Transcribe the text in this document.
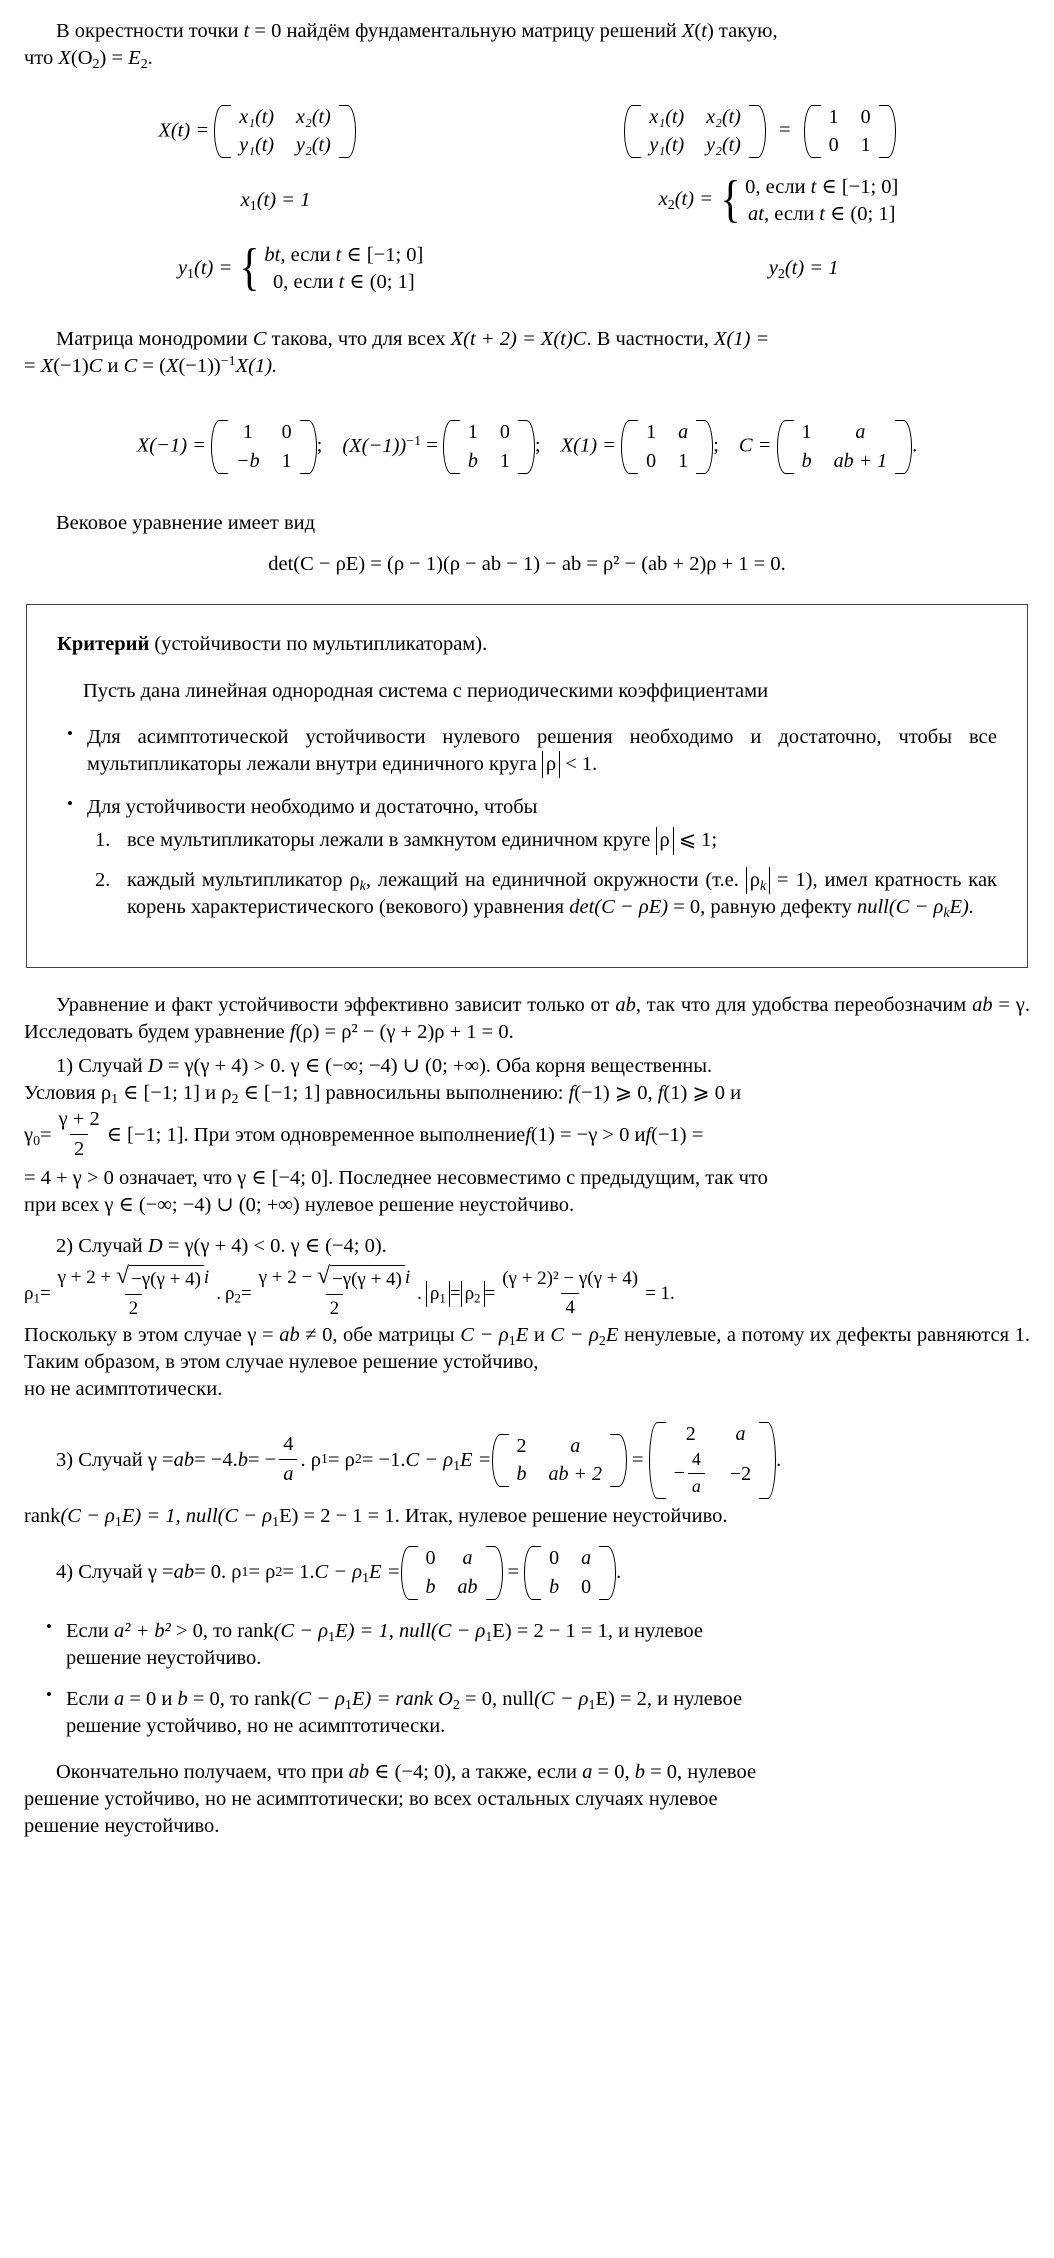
В окрестности точки t = 0 найдём фундаментальную матрицу решений X(t) такую,
что $X(O_2) = E_2$.
X(t) =
x₁(t)	x₂(t)
y₁(t)	y₂(t)
x₁(t)	x₂(t)
y₁(t)	y₂(t)
=
1	0
0	1
$x_1(t) = 1$	$x_2(t)$ = { 0, если t ∈ [−1; 0]
at, если t ∈ (0; 1]
$y_1(t)$ = { bt, если t ∈ [−1; 0]
0, если t ∈ (0; 1]
$y_2(t) = 1$
Матрица монодромии C такова, что для всех X(t + 2) = X(t)C. В частности, X(1) =
= X(−1)C и $C = (X(-1))^{-1}X(1)$.
X(−1) =
1	0
−b	1
; $(X(-1))^{-1}$ =
1	0
b	1
; X(1) =
1	a
0	1
; C =
1	a
b	ab + 1
.
Вековое уравнение имеет вид
det(C − ρE) = (ρ − 1)(ρ − ab − 1) − ab = ρ² − (ab + 2)ρ + 1 = 0.
Критерий (устойчивости по мультипликаторам).
Пусть дана линейная однородная система с периодическими коэффициентами
• Для асимптотической устойчивости нулевого решения необходимо и достаточно, чтобы все мультипликаторы лежали внутри единичного круга ρ < 1.
• Для устойчивости необходимо и достаточно, чтобы
1. все мультипликаторы лежали в замкнутом единичном круге ρ ⩽ 1;
2. каждый мультипликатор $\rho_k$, лежащий на единичной окружности (т.е. $\rho_k = 1$), имел кратность как корень характеристического (векового) уравнения det(C − ρE) = 0, равную дефекту null(C − $\rho_kE$).
Уравнение и факт устойчивости эффективно зависит только от ab, так что для удобства переобозначим ab = γ. Исследовать будем уравнение f(ρ) = ρ² − (γ + 2)ρ + 1 = 0.
1) Случай D = γ(γ + 4) > 0. γ ∈ (−∞; −4) ∪ (0; +∞). Оба корня вещественны.
Условия $\rho_1$ ∈ [−1; 1] и $\rho_2$ ∈ [−1; 1] равносильны выполнению: f(−1) ⩾ 0, f(1) ⩾ 0 и
$\gamma_0 = \frac{\gamma + 2}{2}$ ∈ [−1; 1]. При этом одновременное выполнение f (1) = −γ > 0 и f (−1) =
= 4 + γ > 0 означает, что γ ∈ [−4; 0]. Последнее несовместимо с предыдущим, так что
при всех γ ∈ (−∞; −4) ∪ (0; +∞) нулевое решение неустойчиво.
2) Случай D = γ(γ + 4) < 0. γ ∈ (−4; 0).
$\rho_1 = \frac{\gamma + 2 + √ -\gamma(\gamma + 4) i}{2}$ . $\rho_2 = \frac{\gamma + 2 - √ -\gamma(\gamma + 4) i}{2}$ . $\rho_1 = \rho_2 = \frac{\text{(γ + 2)² − γ(γ + 4)}}{4} = 1$.
Поскольку в этом случае γ = ab ≠ 0, обе матрицы $C - \rho_1E$ и $C - \rho_2E$ ненулевые, а потому их дефекты равняются 1. Таким образом, в этом случае нулевое решение устойчиво,
но не асимптотически.
3) Случай γ = ab = −4. b = − $\frac{4}{a}$ . ρ 1 = ρ 2 = −1. $C - \rho_1E$ =
2	a
b	ab + 2
=
2	a
− $\frac{4}{a}$	−2
.
rank(C − $\rho_1E) = 1$, null(C − $\rho_1E) = 2 - 1 = 1$. Итак, нулевое решение неустойчиво.
4) Случай γ = ab = 0. ρ 1 = ρ 2 = 1. $C - \rho_1E$ =
0	a
b	ab
=
0	a
b	0
.
• Если a² + b² > 0, то rank(C − $\rho_1E) = 1$, null(C − $\rho_1E) = 2 - 1 = 1$, и нулевое
решение неустойчиво.
• Если a = 0 и b = 0, то rank(C − $\rho_1E$) = rank $O_2 = 0$, null(C − $\rho_1E) = 2$, и нулевое
решение устойчиво, но не асимптотически.
Окончательно получаем, что при ab ∈ (−4; 0), а также, если a = 0, b = 0, нулевое
решение устойчиво, но не асимптотически; во всех остальных случаях нулевое
решение неустойчиво.
